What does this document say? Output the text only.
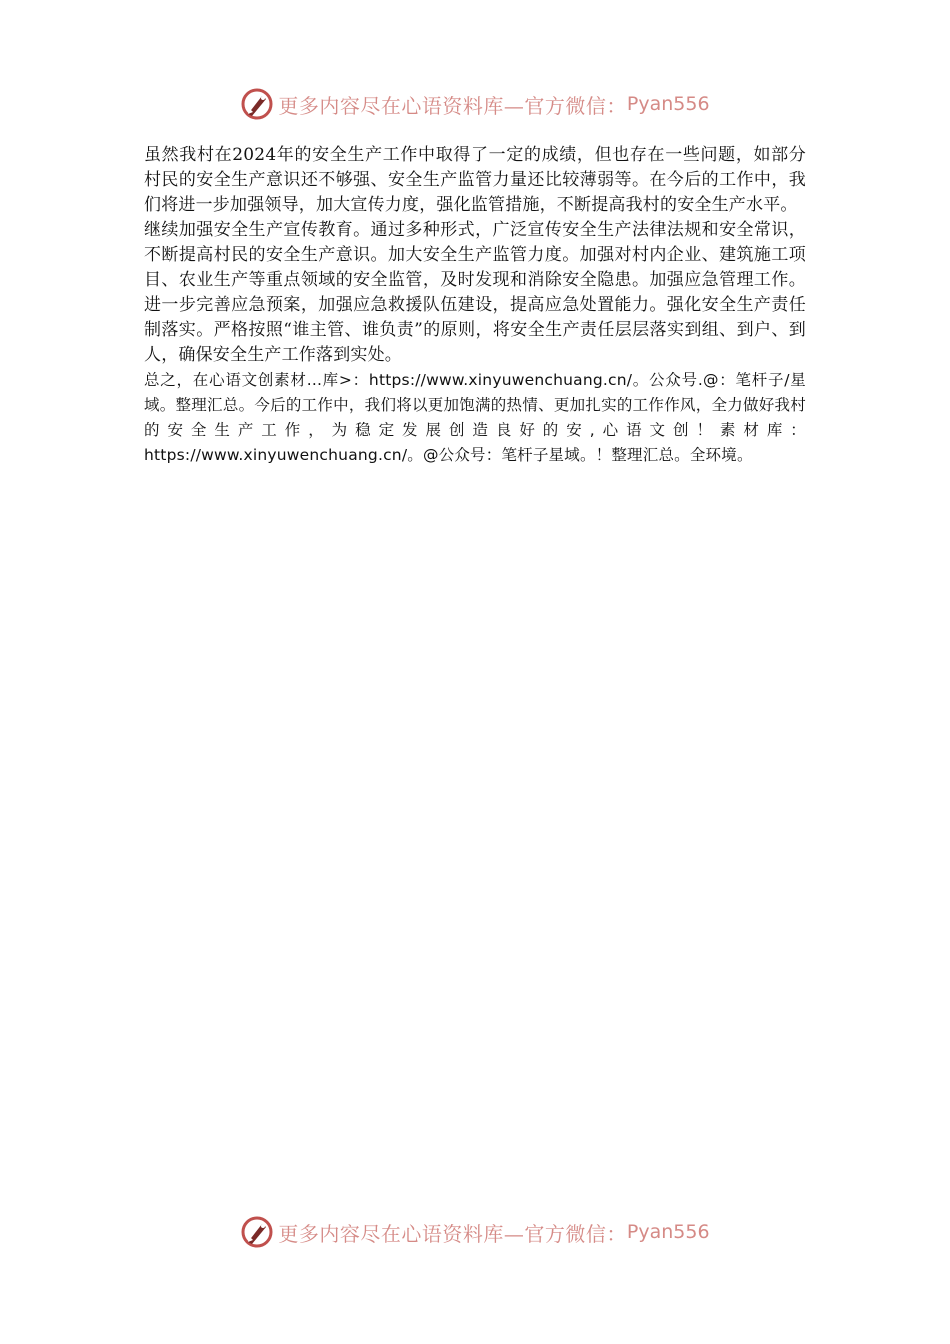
更多内容尽在心语资料库—官方微信： Pyan556

虽然我村在2024年的安全生产工作中取得了一定的成绩，但也存在一些问题，如部分村民的安全生产意识还不够强、安全生产监管力量还比较薄弱等。在今后的工作中，我们将进一步加强领导，加大宣传力度，强化监管措施，不断提高我村的安全生产水平。

继续加强安全生产宣传教育。通过多种形式，广泛宣传安全生产法律法规和安全常识，不断提高村民的安全生产意识。加大安全生产监管力度。加强对村内企业、建筑施工项目、农业生产等重点领域的安全监管，及时发现和消除安全隐患。加强应急管理工作。进一步完善应急预案，加强应急救援队伍建设，提高应急处置能力。强化安全生产责任制落实。严格按照“谁主管、谁负责”的原则，将安全生产责任层层落实到组、到户、到人，确保安全生产工作落到实处。

总之，在心语文创素材...库>：https://www.xinyuwenchuang.cn/。公众号.@：笔杆子/星域。整理汇总。今后的工作中，我们将以更加饱满的热情、更加扎实的工作作风，全力做好我村的安全生产工作，为稳定发展创造良好的安,心语文创！素材库：https://www.xinyuwenchuang.cn/。@公众号：笔杆子星域。！整理汇总。全环境。

更多内容尽在心语资料库—官方微信： Pyan556
